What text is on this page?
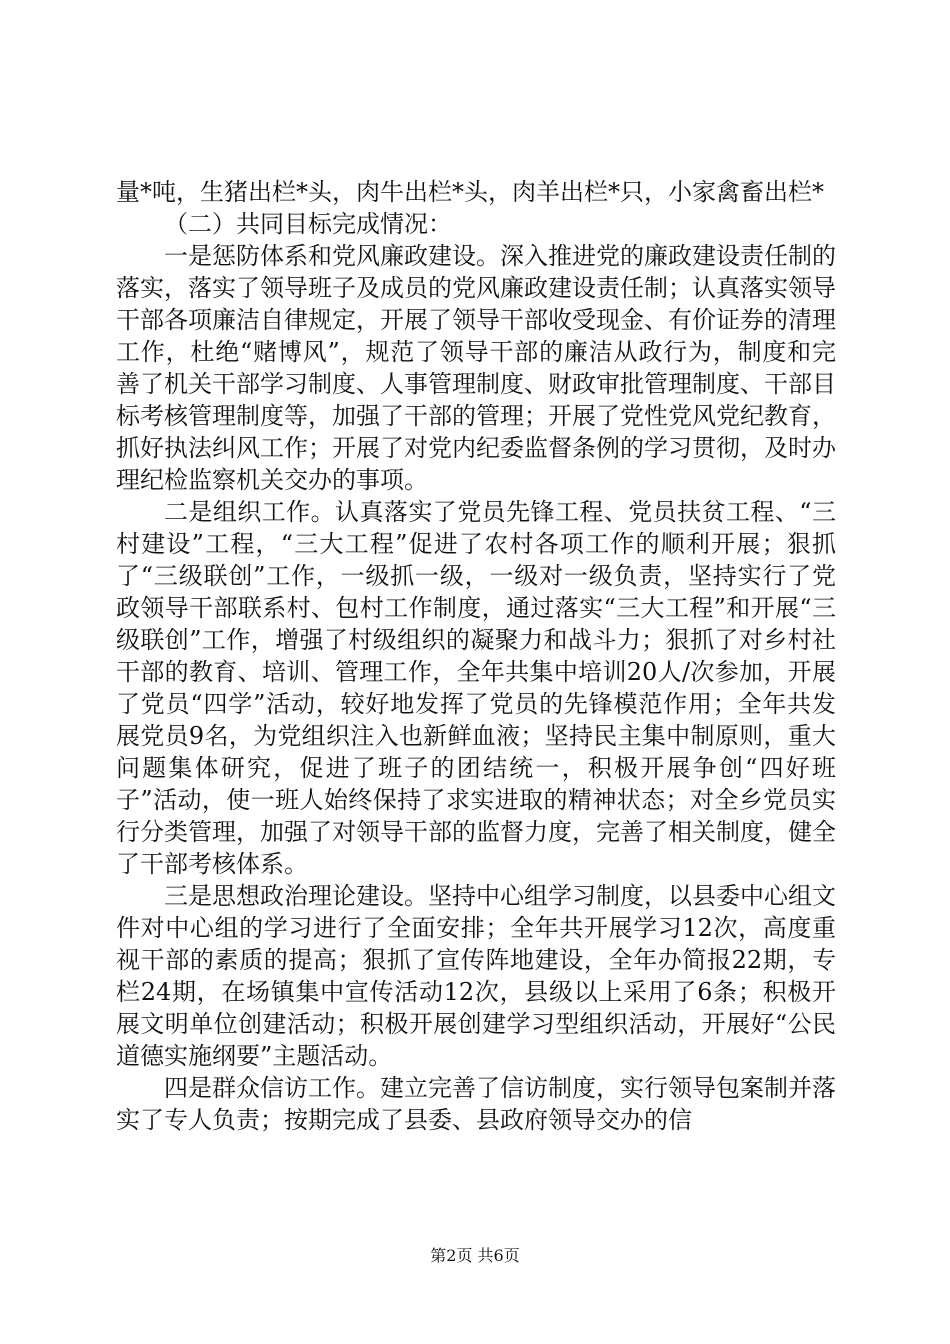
量*吨，生猪出栏*头，肉牛出栏*头，肉羊出栏*只，小家禽畜出栏*

（二）共同目标完成情况：

一是惩防体系和党风廉政建设。深入推进党的廉政建设责任制的落实，落实了领导班子及成员的党风廉政建设责任制；认真落实领导干部各项廉洁自律规定，开展了领导干部收受现金、有价证券的清理工作，杜绝“赌博风”，规范了领导干部的廉洁从政行为，制度和完善了机关干部学习制度、人事管理制度、财政审批管理制度、干部目标考核管理制度等，加强了干部的管理；开展了党性党风党纪教育，抓好执法纠风工作；开展了对党内纪委监督条例的学习贯彻，及时办理纪检监察机关交办的事项。

二是组织工作。认真落实了党员先锋工程、党员扶贫工程、“三村建设”工程，“三大工程”促进了农村各项工作的顺利开展；狠抓了“三级联创”工作，一级抓一级，一级对一级负责，坚持实行了党政领导干部联系村、包村工作制度，通过落实“三大工程”和开展“三级联创”工作，增强了村级组织的凝聚力和战斗力；狠抓了对乡村社干部的教育、培训、管理工作，全年共集中培训20人/次参加，开展了党员“四学”活动，较好地发挥了党员的先锋模范作用；全年共发展党员9名，为党组织注入也新鲜血液；坚持民主集中制原则，重大问题集体研究，促进了班子的团结统一，积极开展争创“四好班子”活动，使一班人始终保持了求实进取的精神状态；对全乡党员实行分类管理，加强了对领导干部的监督力度，完善了相关制度，健全了干部考核体系。

三是思想政治理论建设。坚持中心组学习制度，以县委中心组文件对中心组的学习进行了全面安排；全年共开展学习12次，高度重视干部的素质的提高；狠抓了宣传阵地建设，全年办简报22期，专栏24期，在场镇集中宣传活动12次，县级以上采用了6条；积极开展文明单位创建活动；积极开展创建学习型组织活动，开展好“公民道德实施纲要”主题活动。

四是群众信访工作。建立完善了信访制度，实行领导包案制并落实了专人负责；按期完成了县委、县政府领导交办的信

第2页 共6页
